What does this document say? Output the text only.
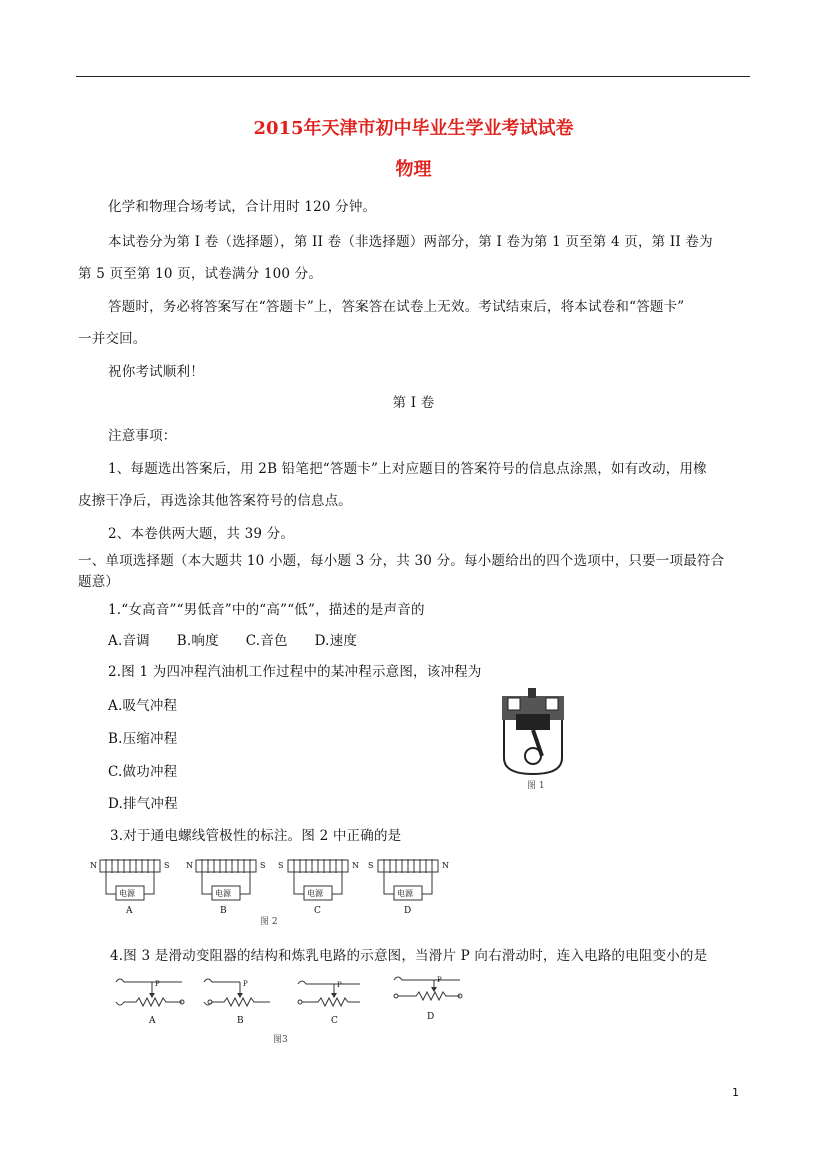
2015年天津市初中毕业生学业考试试卷
物理
化学和物理合场考试，合计用时 120 分钟。
本试卷分为第 I 卷（选择题），第 II 卷（非选择题）两部分，第 I 卷为第 1 页至第 4 页，第 II 卷为
第 5 页至第 10 页，试卷满分 100 分。
答题时，务必将答案写在“答题卡”上，答案答在试卷上无效。考试结束后，将本试卷和“答题卡”
一并交回。
祝你考试顺利！
第 I 卷
注意事项：
1、每题选出答案后，用 2B 铅笔把“答题卡”上对应题目的答案符号的信息点涂黑，如有改动，用橡
皮擦干净后，再选涂其他答案符号的信息点。
2、本卷供两大题，共 39 分。
一、单项选择题（本大题共 10 小题，每小题 3 分，共 30 分。每小题给出的四个选项中，只要一项最符合
题意）
1.“女高音”“男低音”中的“高”“低”，描述的是声音的
A.音调      B.响度      C.音色      D.速度
2.图 1 为四冲程汽油机工作过程中的某冲程示意图，该冲程为
A.吸气冲程
B.压缩冲程
C.做功冲程
D.排气冲程
图 1
3.对于通电螺线管极性的标注。图 2 中正确的是
N	S
电源
A
N	S
电源
B
S	N
电源
C
S	N
电源
D
图 2
4.图 3 是滑动变阻器的结构和炼乳电路的示意图，当滑片 P 向右滑动时，连入电路的电阻变小的是
P
A
P
B
P
C
P
D
图3
1
